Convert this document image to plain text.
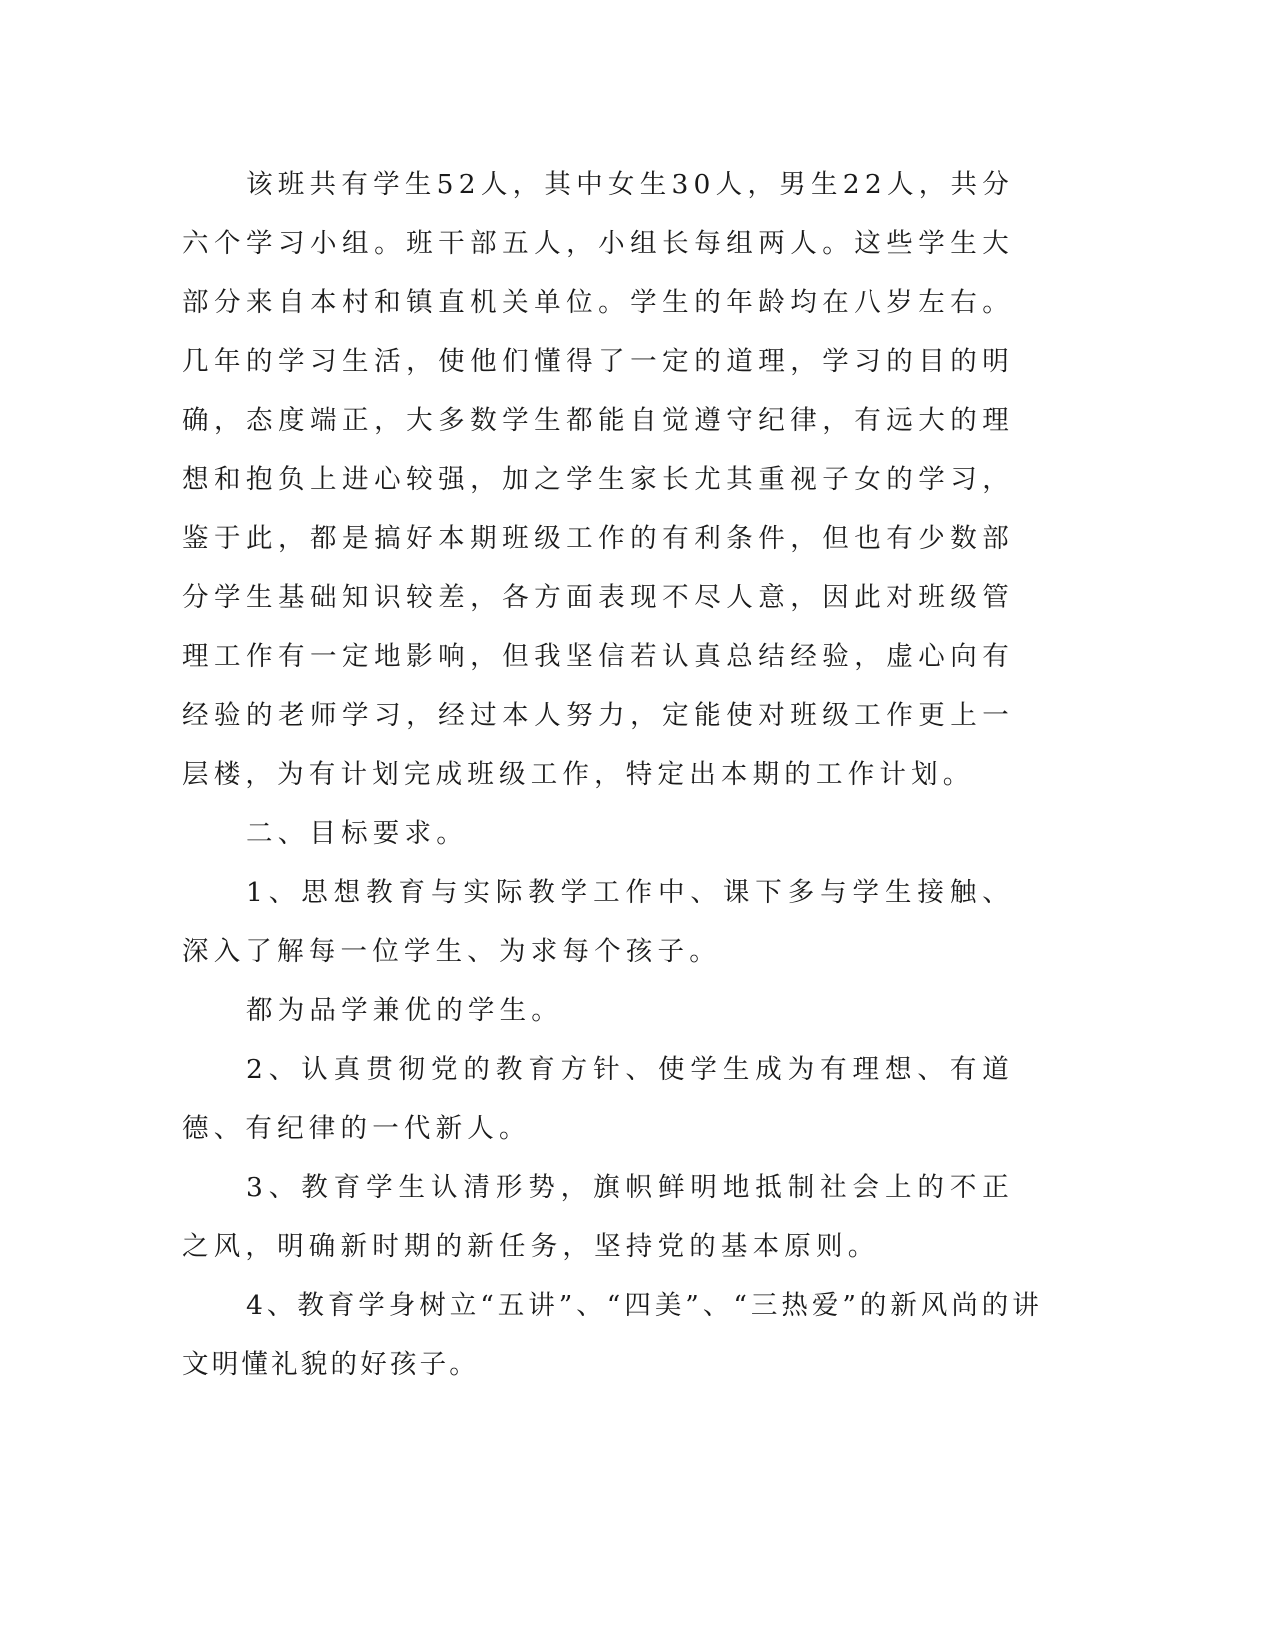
该班共有学生52人，其中女生30人，男生22人，共分六个学习小组。班干部五人，小组长每组两人。这些学生大部分来自本村和镇直机关单位。学生的年龄均在八岁左右。几年的学习生活，使他们懂得了一定的道理，学习的目的明确，态度端正，大多数学生都能自觉遵守纪律，有远大的理想和抱负上进心较强，加之学生家长尤其重视子女的学习，鉴于此，都是搞好本期班级工作的有利条件，但也有少数部分学生基础知识较差，各方面表现不尽人意，因此对班级管理工作有一定地影响，但我坚信若认真总结经验，虚心向有经验的老师学习，经过本人努力，定能使对班级工作更上一层楼，为有计划完成班级工作，特定出本期的工作计划。

二、目标要求。

1、思想教育与实际教学工作中、课下多与学生接触、深入了解每一位学生、为求每个孩子。

都为品学兼优的学生。

2、认真贯彻党的教育方针、使学生成为有理想、有道德、有纪律的一代新人。

3、教育学生认清形势，旗帜鲜明地抵制社会上的不正之风，明确新时期的新任务，坚持党的基本原则。

4、教育学身树立“五讲”、“四美”、“三热爱”的新风尚的讲文明懂礼貌的好孩子。
